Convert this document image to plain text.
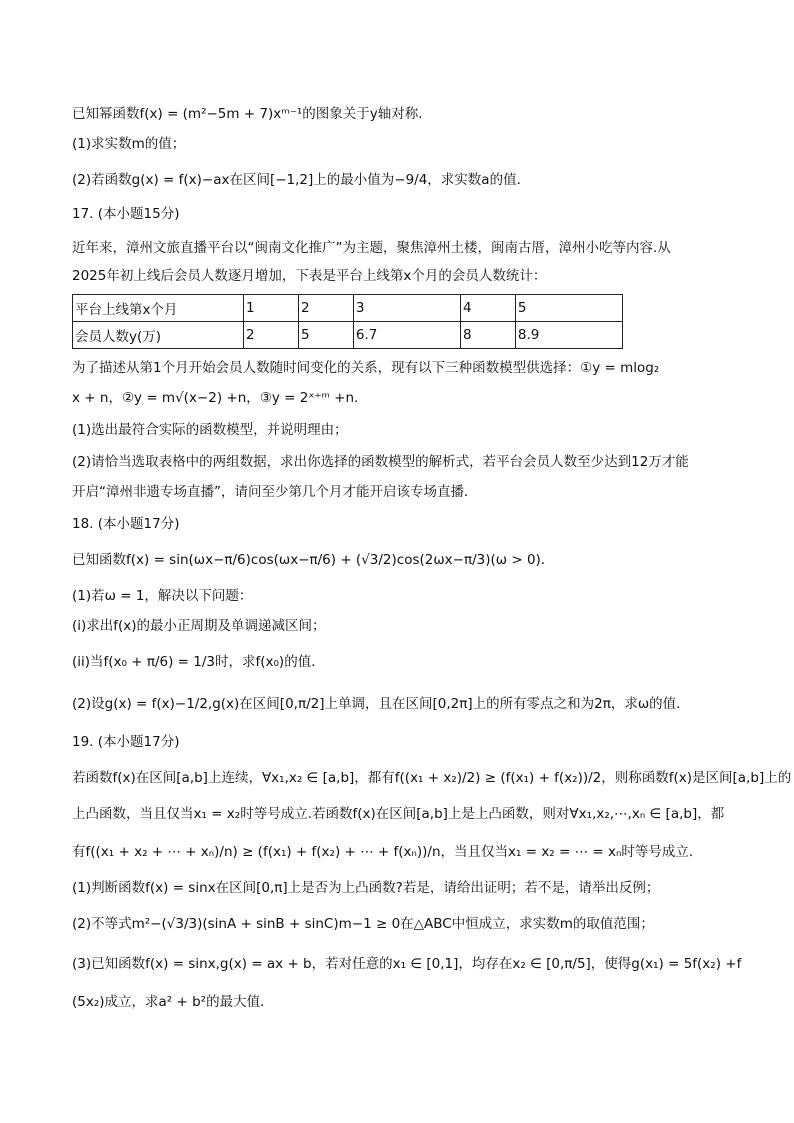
已知幂函数f(x) = (m²−5m + 7)xᵐ⁻¹的图象关于y轴对称．
(1)求实数m的值；
(2)若函数g(x) = f(x)−ax在区间[−1,2]上的最小值为−9/4，求实数a的值．
17. (本小题15分)
近年来，漳州文旅直播平台以“闽南文化推广”为主题，聚焦漳州土楼，闽南古厝，漳州小吃等内容.从
2025年初上线后会员人数逐月增加，下表是平台上线第x个月的会员人数统计：
平台上线第x个月	1	2	3	4	5
会员人数y(万)	2	5	6.7	8	8.9
为了描述从第1个月开始会员人数随时间变化的关系，现有以下三种函数模型供选择：①y = mlog₂
x + n，②y = m√(x−2) +n，③y = 2ˣ⁺ᵐ +n.
(1)选出最符合实际的函数模型，并说明理由；
(2)请恰当选取表格中的两组数据，求出你选择的函数模型的解析式，若平台会员人数至少达到12万才能
开启“漳州非遗专场直播”，请问至少第几个月才能开启该专场直播．
18. (本小题17分)
已知函数f(x) = sin(ωx−π/6)cos(ωx−π/6) + (√3/2)cos(2ωx−π/3)(ω > 0)．
(1)若ω = 1，解决以下问题：
(i)求出f(x)的最小正周期及单调递减区间；
(ii)当f(x₀ + π/6) = 1/3时，求f(x₀)的值．
(2)设g(x) = f(x)−1/2,g(x)在区间[0,π/2]上单调，且在区间[0,2π]上的所有零点之和为2π，求ω的值．
19. (本小题17分)
若函数f(x)在区间[a,b]上连续，∀x₁,x₂ ∈ [a,b]，都有f((x₁ + x₂)/2) ≥ (f(x₁) + f(x₂))/2，则称函数f(x)是区间[a,b]上的
上凸函数，当且仅当x₁ = x₂时等号成立.若函数f(x)在区间[a,b]上是上凸函数，则对∀x₁,x₂,⋯,xₙ ∈ [a,b]，都
有f((x₁ + x₂ + ⋯ + xₙ)/n) ≥ (f(x₁) + f(x₂) + ⋯ + f(xₙ))/n，当且仅当x₁ = x₂ = ⋯ = xₙ时等号成立．
(1)判断函数f(x) = sinx在区间[0,π]上是否为上凸函数?若是，请给出证明；若不是，请举出反例；
(2)不等式m²−(√3/3)(sinA + sinB + sinC)m−1 ≥ 0在△ABC中恒成立，求实数m的取值范围；
(3)已知函数f(x) = sinx,g(x) = ax + b，若对任意的x₁ ∈ [0,1]，均存在x₂ ∈ [0,π/5]，使得g(x₁) = 5f(x₂) +f
(5x₂)成立，求a² + b²的最大值．
